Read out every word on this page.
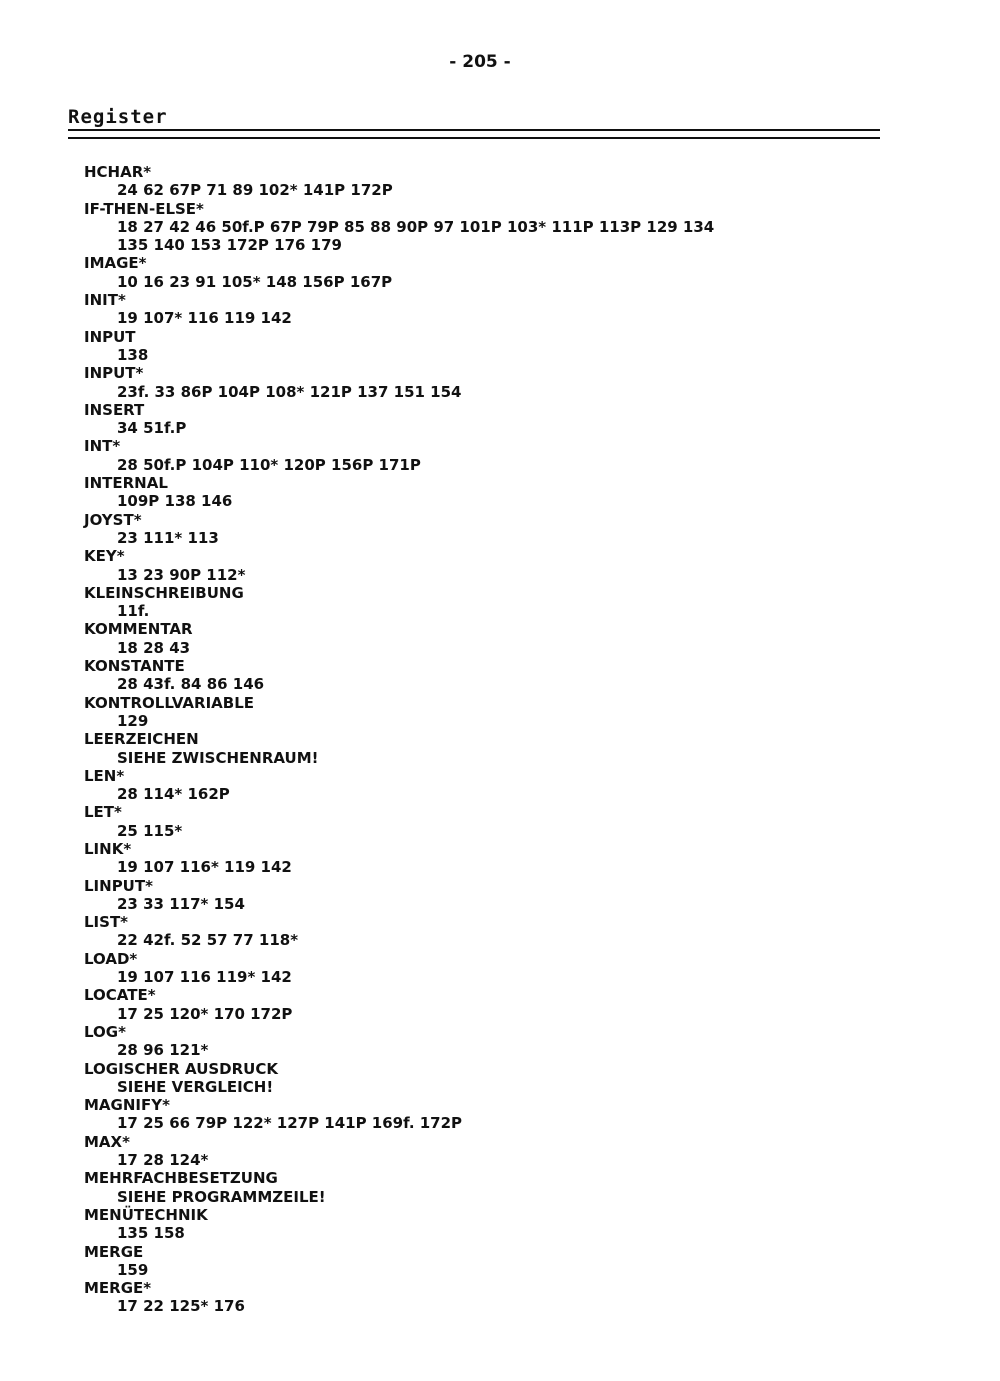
- 205 -
Register
HCHAR*
24 62 67P 71 89 102* 141P 172P
IF-THEN-ELSE*
18 27 42 46 50f.P 67P 79P 85 88 90P 97 101P 103* 111P 113P 129 134
135 140 153 172P 176 179
IMAGE*
10 16 23 91 105* 148 156P 167P
INIT*
19 107* 116 119 142
INPUT
138
INPUT*
23f. 33 86P 104P 108* 121P 137 151 154
INSERT
34 51f.P
INT*
28 50f.P 104P 110* 120P 156P 171P
INTERNAL
109P 138 146
JOYST*
23 111* 113
KEY*
13 23 90P 112*
KLEINSCHREIBUNG
11f.
KOMMENTAR
18 28 43
KONSTANTE
28 43f. 84 86 146
KONTROLLVARIABLE
129
LEERZEICHEN
SIEHE ZWISCHENRAUM!
LEN*
28 114* 162P
LET*
25 115*
LINK*
19 107 116* 119 142
LINPUT*
23 33 117* 154
LIST*
22 42f. 52 57 77 118*
LOAD*
19 107 116 119* 142
LOCATE*
17 25 120* 170 172P
LOG*
28 96 121*
LOGISCHER AUSDRUCK
SIEHE VERGLEICH!
MAGNIFY*
17 25 66 79P 122* 127P 141P 169f. 172P
MAX*
17 28 124*
MEHRFACHBESETZUNG
SIEHE PROGRAMMZEILE!
MENÜTECHNIK
135 158
MERGE
159
MERGE*
17 22 125* 176
